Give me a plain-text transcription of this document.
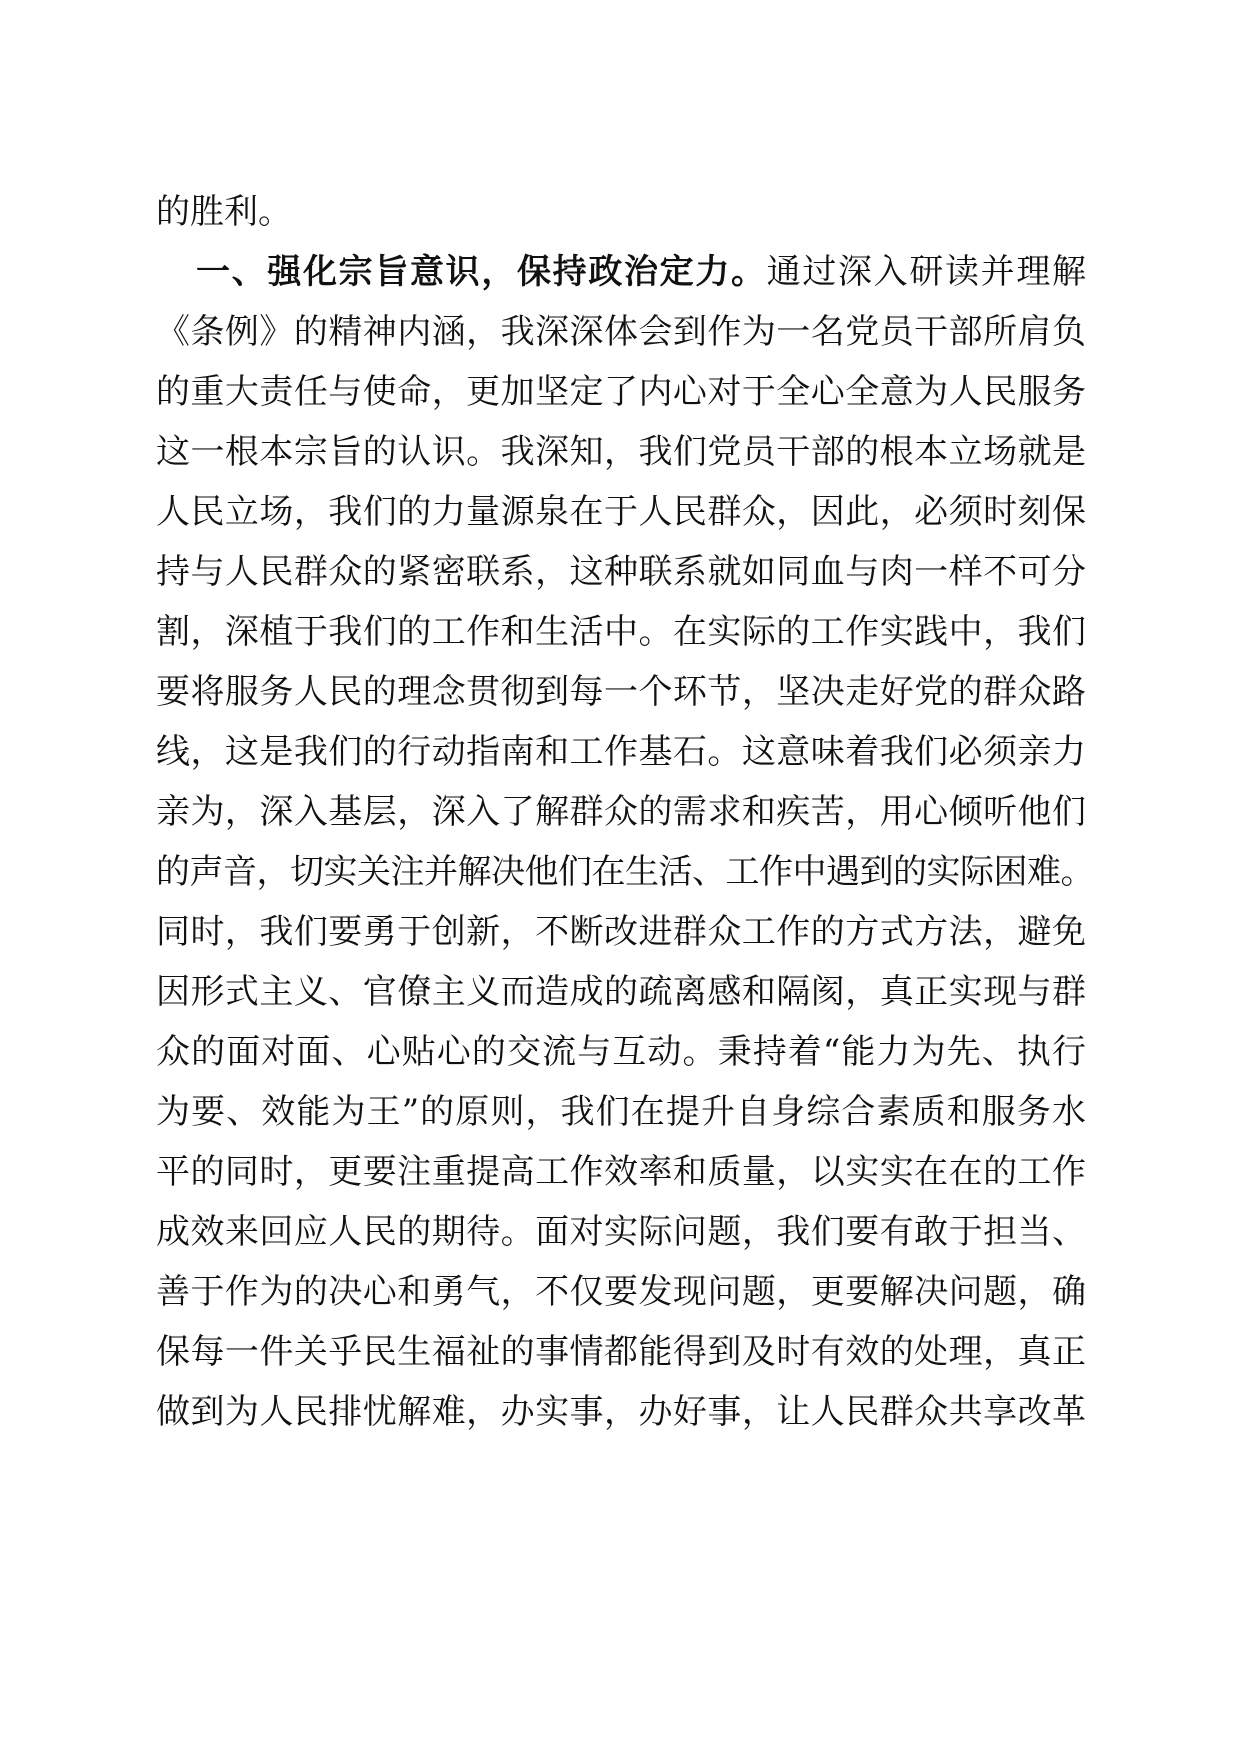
的胜利。
一、强化宗旨意识，保持政治定力。通过深入研读并理解
《条例》的精神内涵，我深深体会到作为一名党员干部所肩负
的重大责任与使命，更加坚定了内心对于全心全意为人民服务
这一根本宗旨的认识。我深知，我们党员干部的根本立场就是
人民立场，我们的力量源泉在于人民群众，因此，必须时刻保
持与人民群众的紧密联系，这种联系就如同血与肉一样不可分
割，深植于我们的工作和生活中。在实际的工作实践中，我们
要将服务人民的理念贯彻到每一个环节，坚决走好党的群众路
线，这是我们的行动指南和工作基石。这意味着我们必须亲力
亲为，深入基层，深入了解群众的需求和疾苦，用心倾听他们
的声音，切实关注并解决他们在生活、工作中遇到的实际困难。
同时，我们要勇于创新，不断改进群众工作的方式方法，避免
因形式主义、官僚主义而造成的疏离感和隔阂，真正实现与群
众的面对面、心贴心的交流与互动。秉持着“能力为先、执行
为要、效能为王”的原则，我们在提升自身综合素质和服务水
平的同时，更要注重提高工作效率和质量，以实实在在的工作
成效来回应人民的期待。面对实际问题，我们要有敢于担当、
善于作为的决心和勇气，不仅要发现问题，更要解决问题，确
保每一件关乎民生福祉的事情都能得到及时有效的处理，真正
做到为人民排忧解难，办实事，办好事，让人民群众共享改革
